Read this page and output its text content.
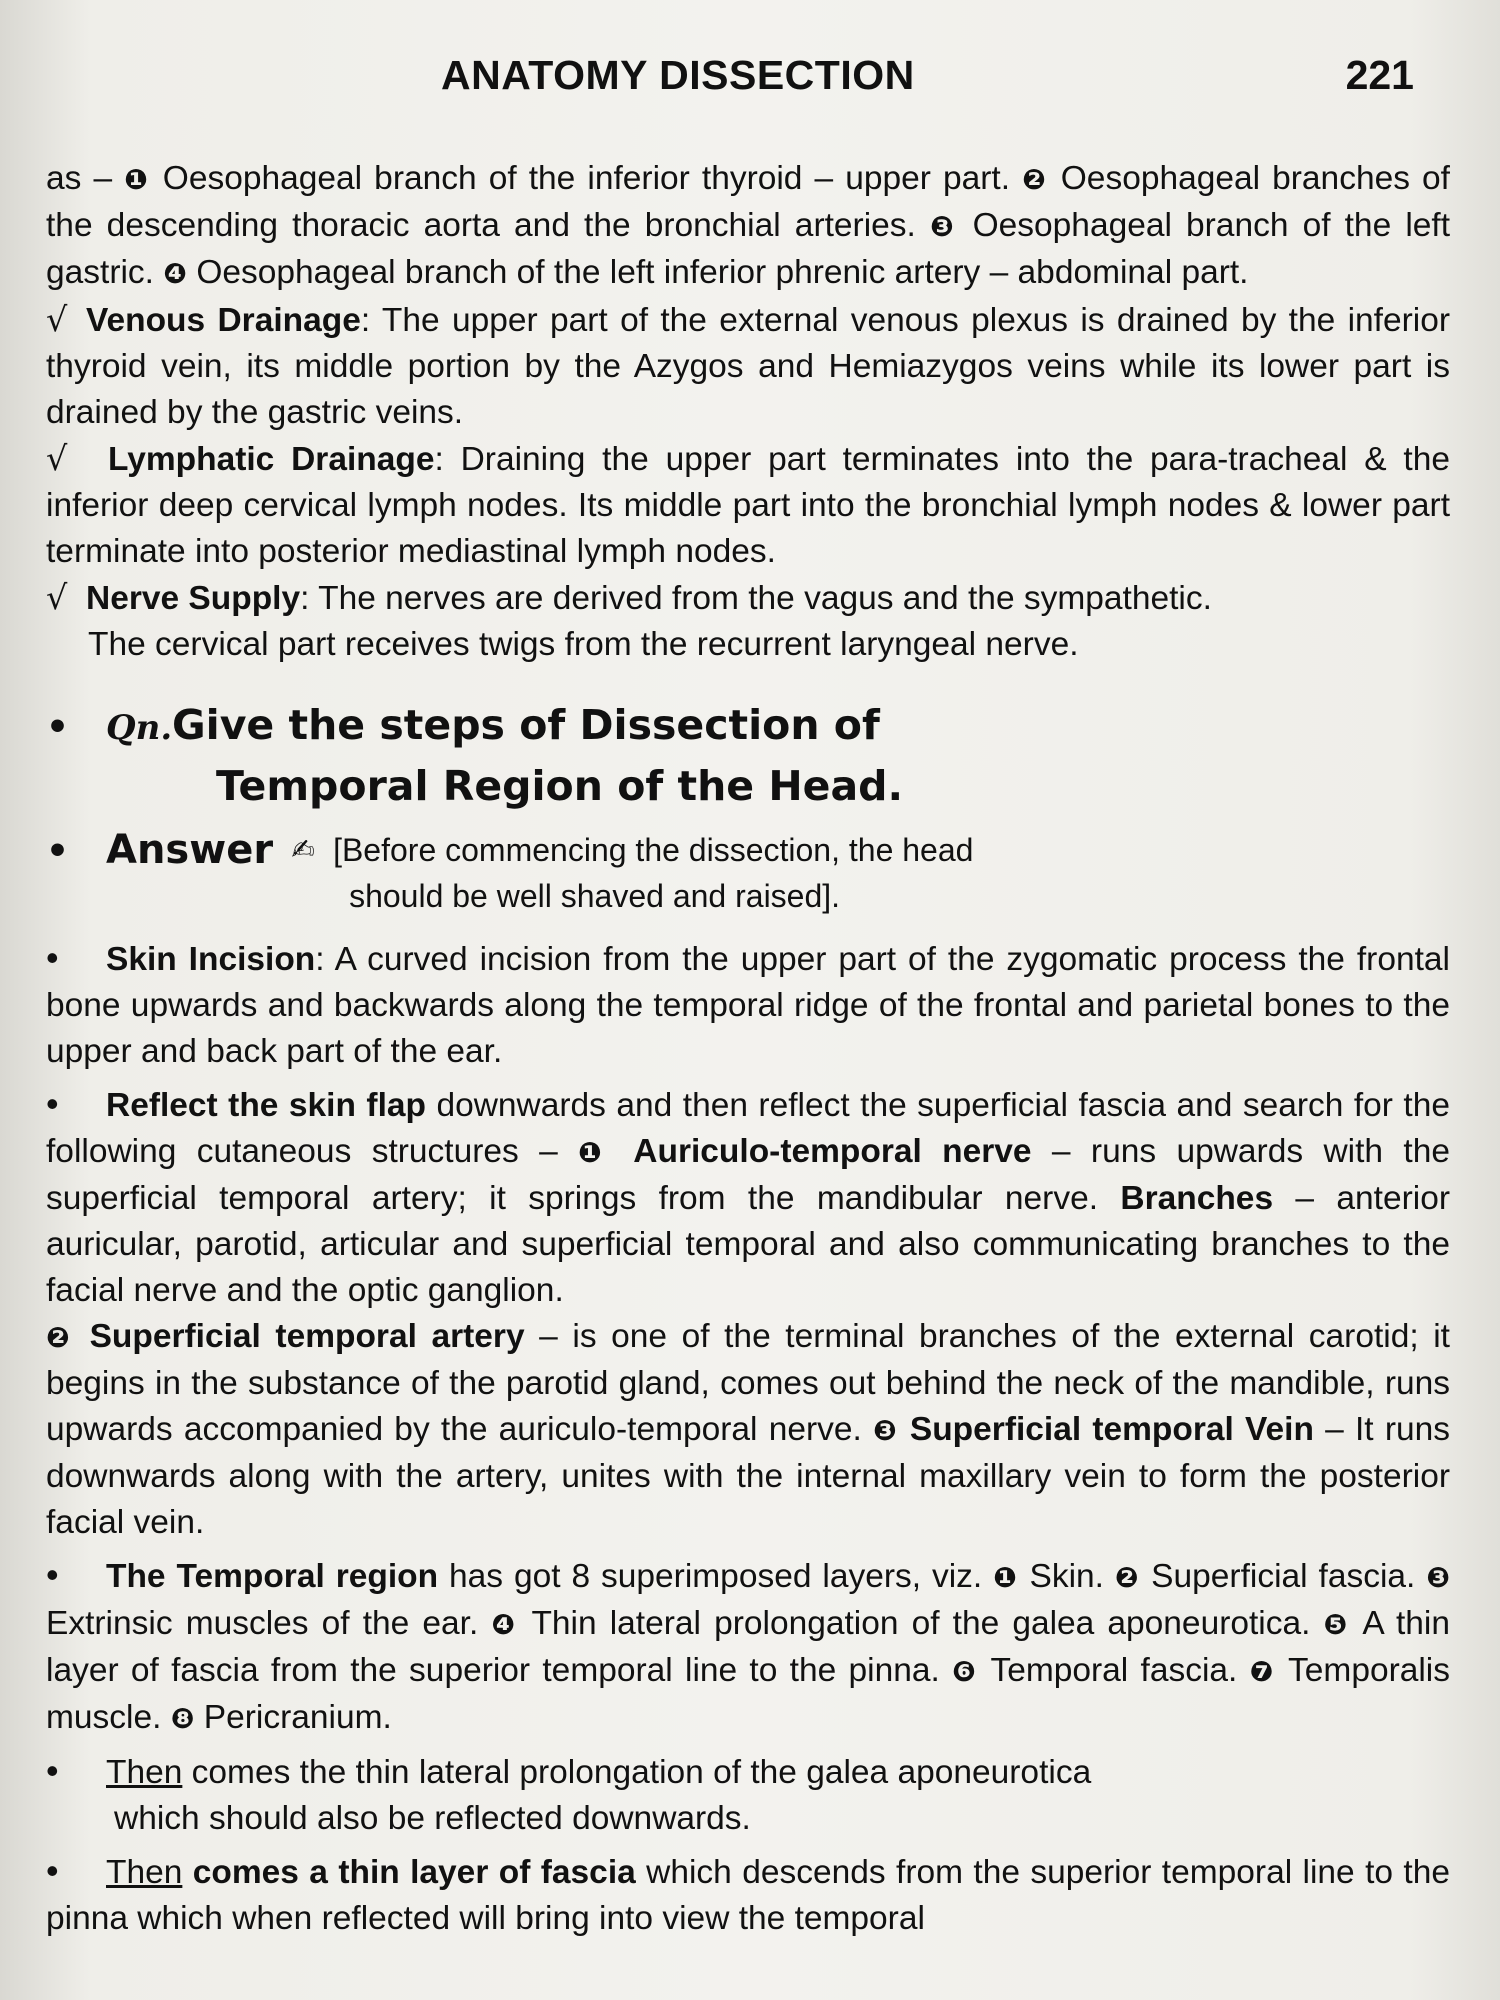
ANATOMY DISSECTION	221

as – ❶ Oesophageal branch of the inferior thyroid – upper part. ❷ Oesophageal branches of the descending thoracic aorta and the bronchial arteries. ❸ Oesophageal branch of the left gastric. ❹ Oesophageal branch of the left inferior phrenic artery – abdominal part.

√ Venous Drainage: The upper part of the external venous plexus is drained by the inferior thyroid vein, its middle portion by the Azygos and Hemiazygos veins while its lower part is drained by the gastric veins.

√ Lymphatic Drainage: Draining the upper part terminates into the para-tracheal & the inferior deep cervical lymph nodes. Its middle part into the bronchial lymph nodes & lower part terminate into posterior mediastinal lymph nodes.

√ Nerve Supply: The nerves are derived from the vagus and the sympathetic.

The cervical part receives twigs from the recurrent laryngeal nerve.

• Qn.Give the steps of Dissection of
Temporal Region of the Head.
• Answer ✍ [Before commencing the dissection, the head
should be well shaved and raised].

• Skin Incision: A curved incision from the upper part of the zygomatic process the frontal bone upwards and backwards along the temporal ridge of the frontal and parietal bones to the upper and back part of the ear.

• Reflect the skin flap downwards and then reflect the superficial fascia and search for the following cutaneous structures – ❶ Auriculo-temporal nerve – runs upwards with the superficial temporal artery; it springs from the mandibular nerve. Branches – anterior auricular, parotid, articular and superficial temporal and also communicating branches to the facial nerve and the optic ganglion.

❷ Superficial temporal artery – is one of the terminal branches of the external carotid; it begins in the substance of the parotid gland, comes out behind the neck of the mandible, runs upwards accompanied by the auriculo-temporal nerve. ❸ Superficial temporal Vein – It runs downwards along with the artery, unites with the internal maxillary vein to form the posterior facial vein.

• The Temporal region has got 8 superimposed layers, viz. ❶ Skin. ❷ Superficial fascia. ❸ Extrinsic muscles of the ear. ❹ Thin lateral prolongation of the galea aponeurotica. ❺ A thin layer of fascia from the superior temporal line to the pinna. ❻ Temporal fascia. ❼ Temporalis muscle. ❽ Pericranium.

• Then comes the thin lateral prolongation of the galea aponeurotica

which should also be reflected downwards.

• Then comes a thin layer of fascia which descends from the superior temporal line to the pinna which when reflected will bring into view the temporal
